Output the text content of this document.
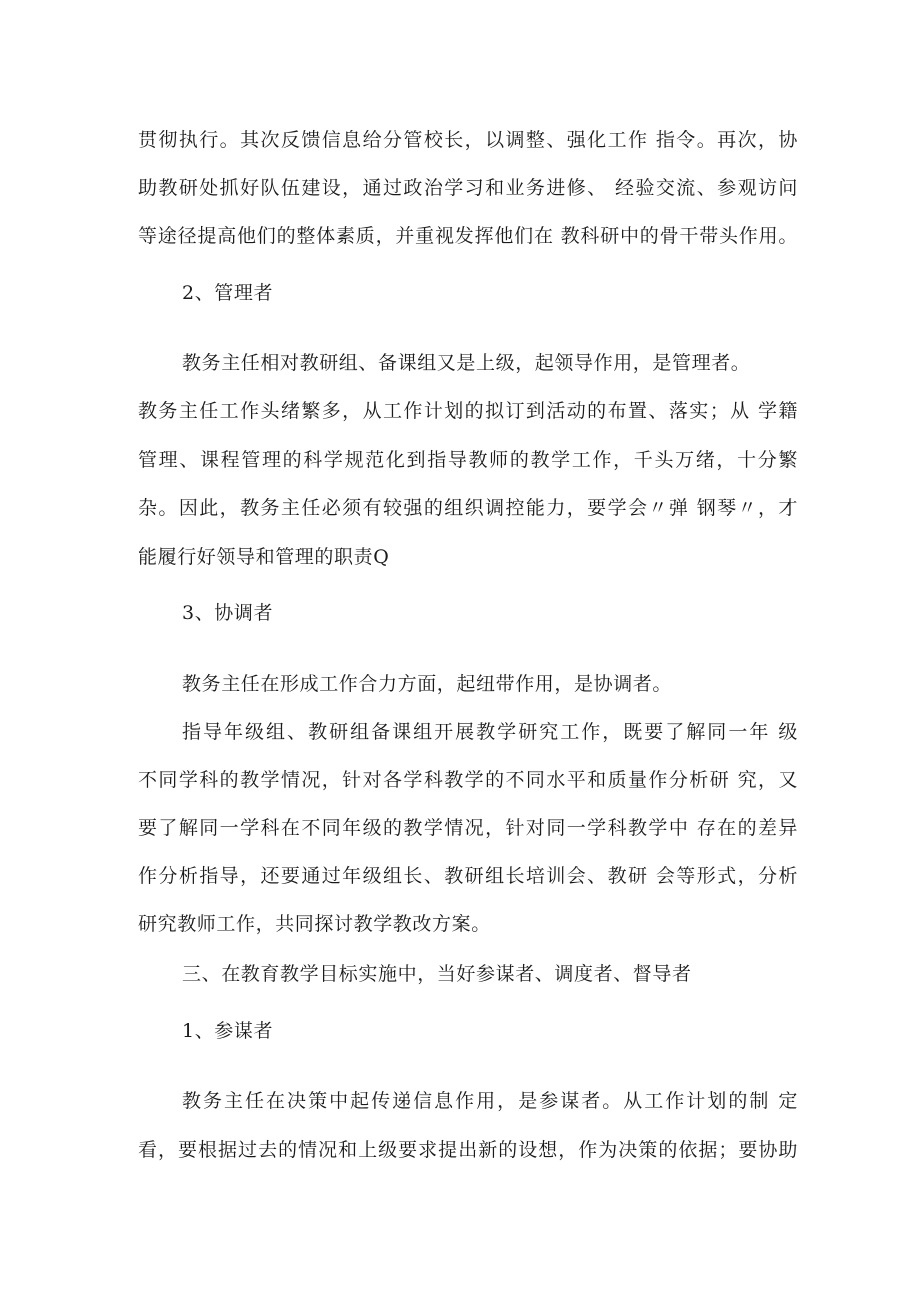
贯彻执行。其次反馈信息给分管校长，以调整、强化工作 指令。再次，协
助教研处抓好队伍建设，通过政治学习和业务进修、 经验交流、参观访问
等途径提高他们的整体素质，并重视发挥他们在 教科研中的骨干带头作用。
2、管理者
教务主任相对教研组、备课组又是上级，起领导作用，是管理者。
教务主任工作头绪繁多，从工作计划的拟订到活动的布置、落实；从 学籍
管理、课程管理的科学规范化到指导教师的教学工作，千头万绪，十分繁
杂。因此，教务主任必须有较强的组织调控能力，要学会〃弹 钢琴〃，才
能履行好领导和管理的职责Q
3、协调者
教务主任在形成工作合力方面，起纽带作用，是协调者。
指导年级组、教研组备课组开展教学研究工作，既要了解同一年 级
不同学科的教学情况，针对各学科教学的不同水平和质量作分析研 究，又
要了解同一学科在不同年级的教学情况，针对同一学科教学中 存在的差异
作分析指导，还要通过年级组长、教研组长培训会、教研 会等形式，分析
研究教师工作，共同探讨教学教改方案。
三、在教育教学目标实施中，当好参谋者、调度者、督导者
1、参谋者
教务主任在决策中起传递信息作用，是参谋者。从工作计划的制 定
看，要根据过去的情况和上级要求提出新的设想，作为决策的依据；要协助
